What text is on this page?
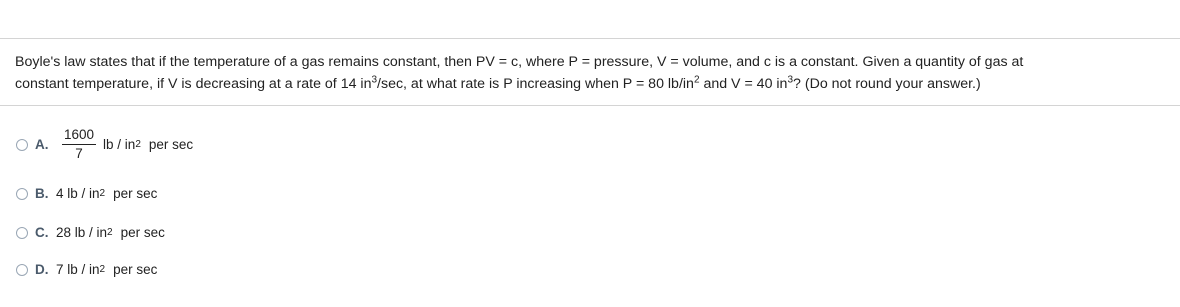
Boyle's law states that if the temperature of a gas remains constant, then PV = c, where P = pressure, V = volume, and c is a constant. Given a quantity of gas at
constant temperature, if V is decreasing at a rate of 14 $in^3/\sec$, at what rate is P increasing when P = 80 $lb/in^2$ and V = 40 $in^3$? (Do not round your answer.)
A.	$\frac{1600}{7}$ lb / in 2 per sec
B. 4 lb / in 2 per sec
C. 28 lb / in 2 per sec
D. 7 lb / in 2 per sec
